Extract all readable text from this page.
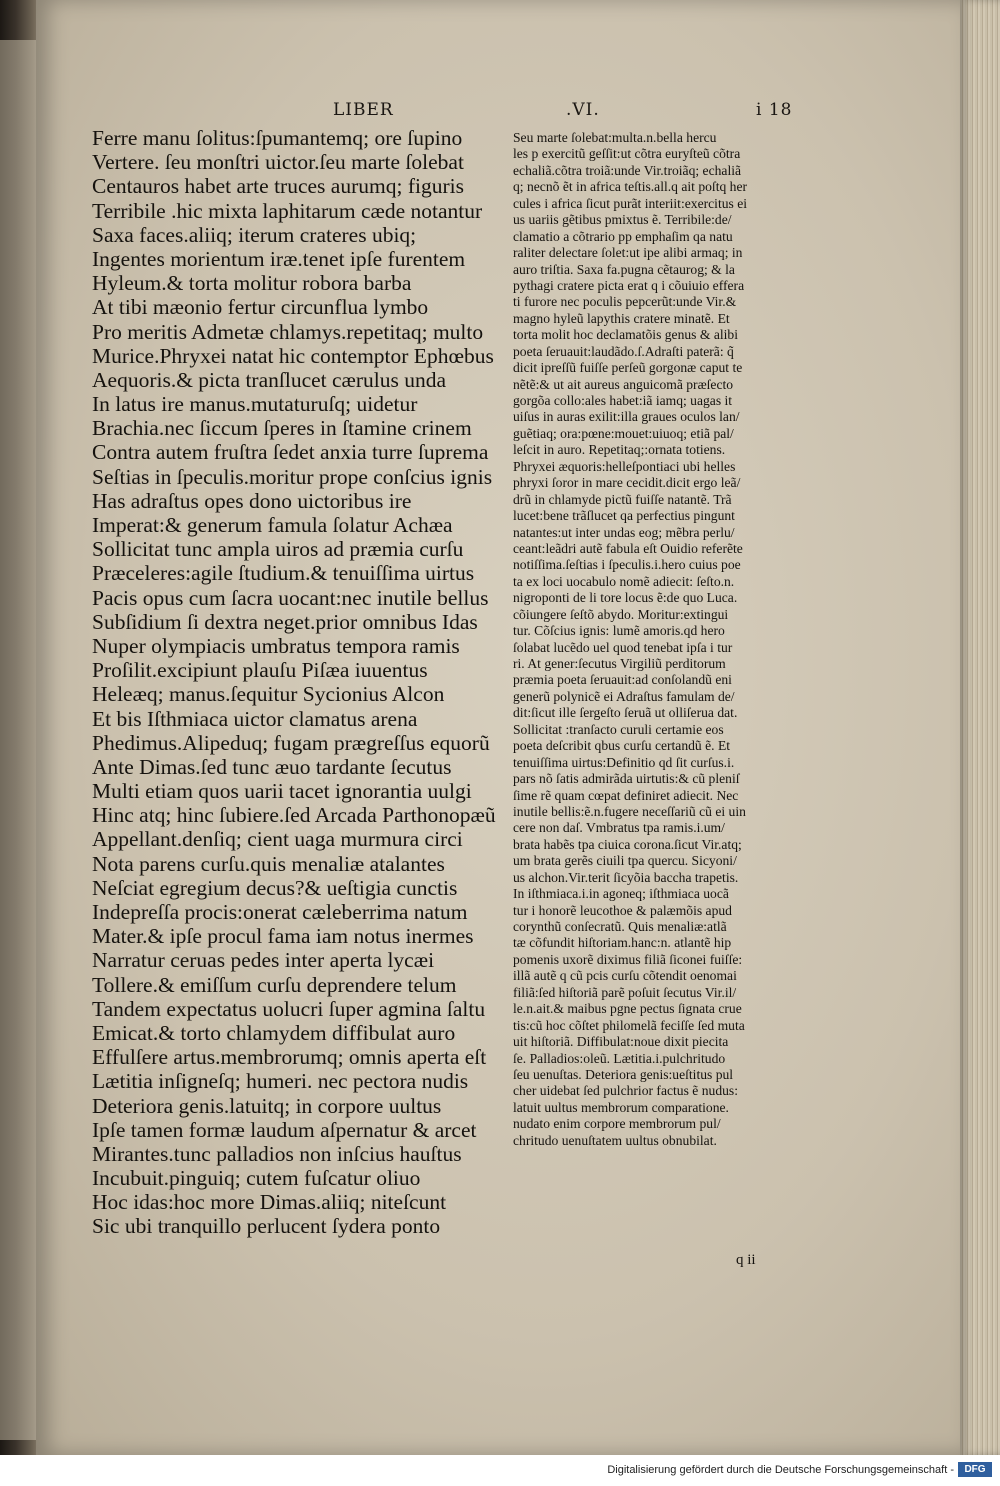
LIBER	.VI.	i 18
Ferre manu ſolitus:ſpumantemq; ore ſupino
Vertere. ſeu monſtri uictor.ſeu marte ſolebat
Centauros habet arte truces aurumq; figuris
Terribile .hic mixta laphitarum cæde notantur
Saxa faces.aliiq; iterum crateres ubiq;
Ingentes morientum iræ.tenet ipſe furentem
Hyleum.& torta molitur robora barba
At tibi mæonio fertur circunflua lymbo
Pro meritis Admetæ chlamys.repetitaq; multo
Murice.Phryxei natat hic contemptor Ephœbus
Aequoris.& picta tranſlucet cærulus unda
In latus ire manus.mutaturuſq; uidetur
Brachia.nec ſiccum ſperes in ſtamine crinem
Contra autem fruſtra ſedet anxia turre ſuprema
Seſtias in ſpeculis.moritur prope conſcius ignis
Has adraſtus opes dono uictoribus ire
Imperat:& generum famula ſolatur Achæa
Sollicitat tunc ampla uiros ad præmia curſu
Præceleres:agile ſtudium.& tenuiſſima uirtus
Pacis opus cum ſacra uocant:nec inutile bellus
Subſidium ſi dextra neget.prior omnibus Idas
Nuper olympiacis umbratus tempora ramis
Proſilit.excipiunt plauſu Piſæa iuuentus
Heleæq; manus.ſequitur Sycionius Alcon
Et bis Iſthmiaca uictor clamatus arena
Phedimus.Alipeduq; fugam prægreſſus equorũ
Ante Dimas.ſed tunc æuo tardante ſecutus
Multi etiam quos uarii tacet ignorantia uulgi
Hinc atq; hinc ſubiere.ſed Arcada Parthonopæũ
Appellant.denſiq; cient uaga murmura circi
Nota parens curſu.quis menaliæ atalantes
Neſciat egregium decus?& ueſtigia cunctis
Indepreſſa procis:onerat cæleberrima natum
Mater.& ipſe procul fama iam notus inermes
Narratur ceruas pedes inter aperta lycæi
Tollere.& emiſſum curſu deprendere telum
Tandem expectatus uolucri ſuper agmina ſaltu
Emicat.& torto chlamydem diffibulat auro
Effulſere artus.membrorumq; omnis aperta eſt
Lætitia inſigneſq; humeri. nec pectora nudis
Deteriora genis.latuitq; in corpore uultus
Ipſe tamen formæ laudum aſpernatur & arcet
Mirantes.tunc palladios non inſcius hauſtus
Incubuit.pinguiq; cutem fuſcatur oliuo
Hoc idas:hoc more Dimas.aliiq; niteſcunt
Sic ubi tranquillo perlucent ſydera ponto
Seu marte ſolebat:multa.n.bella hercu
les p exercitũ geſſit:ut cõtra euryſteũ cõtra
echaliã.cõtra troiã:unde Vir.troiãq; echaliã
q; necnõ ẽt in africa teſtis.all.q ait poſtq her
cules i africa ſicut purãt interiit:exercitus ei
us uariis gẽtibus pmixtus ẽ. Terribile:de/
clamatio a cõtrario pp emphaſim qa natu
raliter delectare ſolet:ut ipe alibi armaq; in
auro triſtia. Saxa fa.pugna cẽtaurog; & la
pythagi cratere picta erat q i cõuiuio effera
ti furore nec poculis pepcerũt:unde Vir.&
magno hyleũ lapythis cratere minatẽ. Et
torta molit hoc declamatõis genus & alibi
poeta ſeruauit:laudãdo.ſ.Adraſti paterã: q̃
dicit ipreſſũ fuiſſe perſeũ gorgonæ caput te
nẽtẽ:& ut ait aureus anguicomã præſecto
gorgõa collo:ales habet:iã iamq; uagas it
uiſus in auras exilit:illa graues oculos lan/
guẽtiaq; ora:pœne:mouet:uiuoq; etiã pal/
leſcit in auro. Repetitaq;:ornata totiens.
Phryxei æquoris:helleſpontiaci ubi helles
phryxi ſoror in mare cecidit.dicit ergo leã/
drũ in chlamyde pictũ fuiſſe natantẽ. Trã
lucet:bene trãſlucet qa perfectius pingunt
natantes:ut inter undas eog; mẽbra perlu/
ceant:leãdri autẽ fabula eſt Ouidio referẽte
notiſſima.ſeſtias i ſpeculis.i.hero cuius poe
ta ex loci uocabulo nomẽ adiecit: ſeſto.n.
nigroponti de li tore locus ẽ:de quo Luca.
cõiungere ſeſtõ abydo. Moritur:extingui
tur. Cõſcius ignis: lumẽ amoris.qd hero
ſolabat lucẽdo uel quod tenebat ipſa i tur
ri. At gener:ſecutus Virgiliũ perditorum
præmia poeta ſeruauit:ad conſolandũ eni
generũ polynicẽ ei Adraſtus famulam de/
dit:ſicut ille ſergeſto ſeruã ut olliſerua dat.
Sollicitat :tranſacto curuli certamie eos
poeta deſcribit qbus curſu certandũ ẽ. Et
tenuiſſima uirtus:Definitio qd ſit curſus.i.
pars nõ ſatis admirãda uirtutis:& cũ pleniſ
ſime rẽ quam cœpat definiret adiecit. Nec
inutile bellis:ẽ.n.fugere neceſſariũ cũ ei uin
cere non daſ. Vmbratus tpa ramis.i.um/
brata habẽs tpa ciuica corona.ſicut Vir.atq;
um brata gerẽs ciuili tpa quercu. Sicyoni/
us alchon.Vir.terit ſicyõia baccha trapetis.
In iſthmiaca.i.in agoneq; iſthmiaca uocã
tur i honorẽ leucothoe & palæmõis apud
corynthũ conſecratũ. Quis menaliæ:atlã
tæ cõfundit hiſtoriam.hanc:n. atlantẽ hip
pomenis uxorẽ diximus filiã ſiconei fuiſſe:
illã autẽ q cũ pcis curſu cõtendit oenomai
filiã:ſed hiſtoriã parẽ poſuit ſecutus Vir.il/
le.n.ait.& maibus pgne pectus ſignata crue
tis:cũ hoc cõſtet philomelã feciſſe ſed muta
uit hiſtoriã. Diffibulat:noue dixit piecita
ſe. Palladios:oleũ. Lætitia.i.pulchritudo
ſeu uenuſtas. Deteriora genis:ueſtitus pul
cher uidebat ſed pulchrior factus ẽ nudus:
latuit uultus membrorum comparatione.
nudato enim corpore membrorum pul/
chritudo uenuſtatem uultus obnubilat.
q ii
Digitalisierung gefördert durch die Deutsche Forschungsgemeinschaft -	DFG
